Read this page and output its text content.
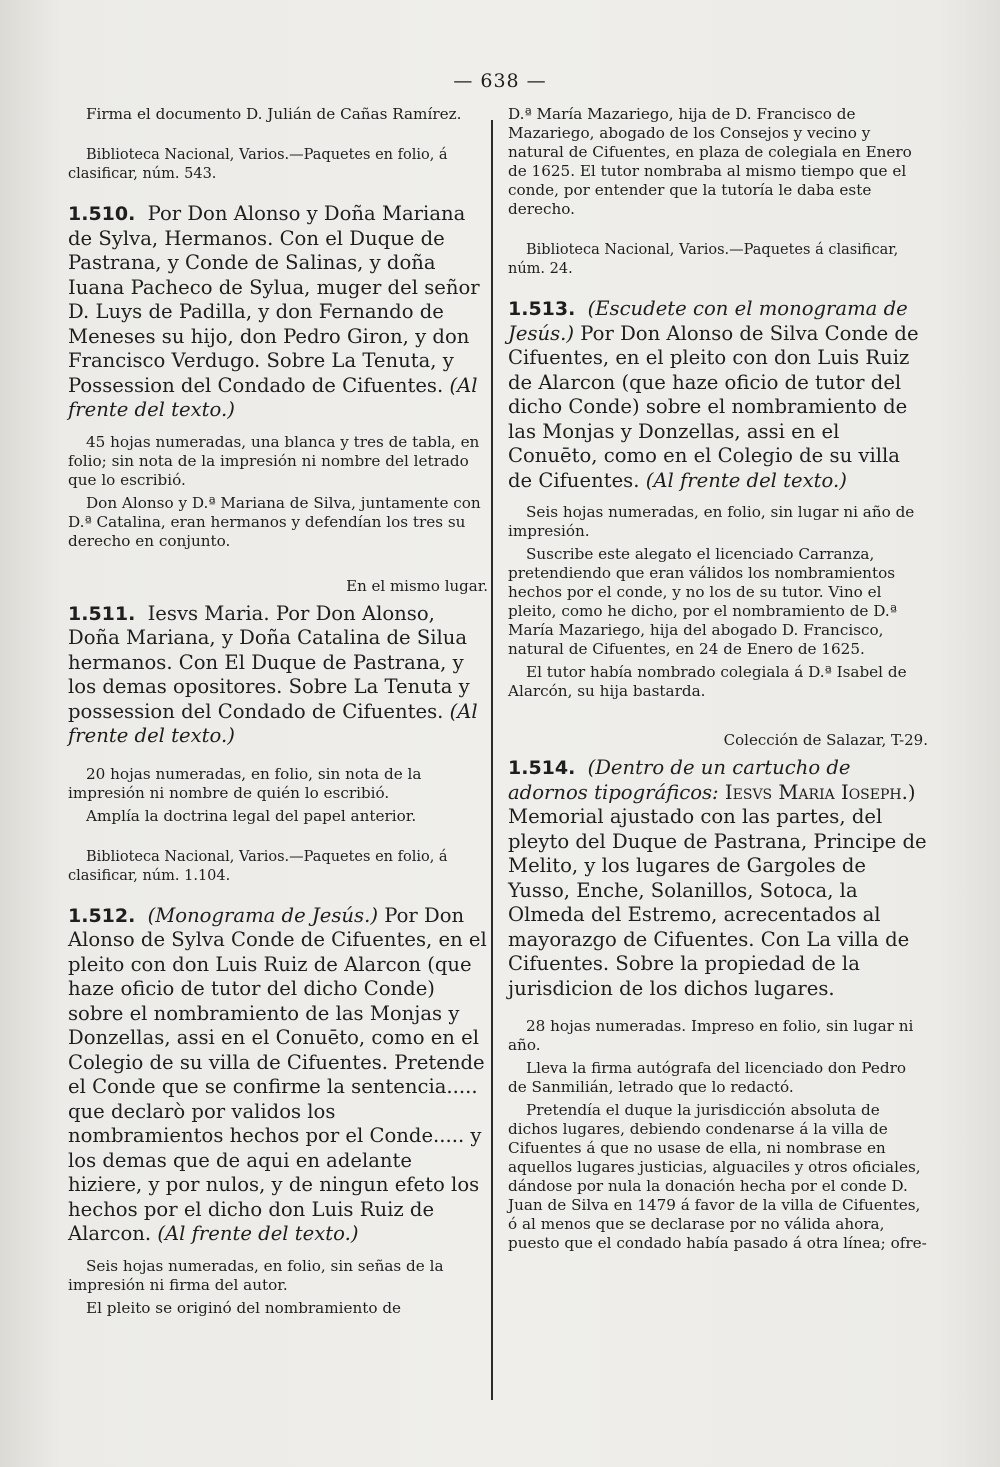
— 638 —

Firma el documento D. Julián de Cañas Ramírez.

Biblioteca Nacional, Varios.—Paquetes en folio, á clasificar, núm. 543.

1.510. Por Don Alonso y Doña Mariana de Sylva, Hermanos. Con el Duque de Pastrana, y Conde de Salinas, y doña Iuana Pacheco de Sylua, muger del señor D. Luys de Padilla, y don Fernando de Meneses su hijo, don Pedro Giron, y don Francisco Verdugo. Sobre La Tenuta, y Possession del Condado de Cifuentes. (Al frente del texto.)

45 hojas numeradas, una blanca y tres de tabla, en folio; sin nota de la impresión ni nombre del letrado que lo escribió.

Don Alonso y D.ª Mariana de Silva, juntamente con D.ª Catalina, eran hermanos y defendían los tres su derecho en conjunto.

En el mismo lugar.

1.511. Iesvs Maria. Por Don Alonso, Doña Mariana, y Doña Catalina de Silua hermanos. Con El Duque de Pastrana, y los demas opositores. Sobre La Tenuta y possession del Condado de Cifuentes. (Al frente del texto.)

20 hojas numeradas, en folio, sin nota de la impresión ni nombre de quién lo escribió.

Amplía la doctrina legal del papel anterior.

Biblioteca Nacional, Varios.—Paquetes en folio, á clasificar, núm. 1.104.

1.512. (Monograma de Jesús.) Por Don Alonso de Sylva Conde de Cifuentes, en el pleito con don Luis Ruiz de Alarcon (que haze oficio de tutor del dicho Conde) sobre el nombramiento de las Monjas y Donzellas, assi en el Conuēto, como en el Colegio de su villa de Cifuentes. Pretende el Conde que se confirme la sentencia..... que declarò por validos los nombramientos hechos por el Conde..... y los demas que de aqui en adelante hiziere, y por nulos, y de ningun efeto los hechos por el dicho don Luis Ruiz de Alarcon. (Al frente del texto.)

Seis hojas numeradas, en folio, sin señas de la impresión ni firma del autor.

El pleito se originó del nombramiento de

D.ª María Mazariego, hija de D. Francisco de Mazariego, abogado de los Consejos y vecino y natural de Cifuentes, en plaza de colegiala en Enero de 1625. El tutor nombraba al mismo tiempo que el conde, por entender que la tutoría le daba este derecho.

Biblioteca Nacional, Varios.—Paquetes á clasificar, núm. 24.

1.513. (Escudete con el monograma de Jesús.) Por Don Alonso de Silva Conde de Cifuentes, en el pleito con don Luis Ruiz de Alarcon (que haze oficio de tutor del dicho Conde) sobre el nombramiento de las Monjas y Donzellas, assi en el Conuēto, como en el Colegio de su villa de Cifuentes. (Al frente del texto.)

Seis hojas numeradas, en folio, sin lugar ni año de impresión.

Suscribe este alegato el licenciado Carranza, pretendiendo que eran válidos los nombramientos hechos por el conde, y no los de su tutor. Vino el pleito, como he dicho, por el nombramiento de D.ª María Mazariego, hija del abogado D. Francisco, natural de Cifuentes, en 24 de Enero de 1625.

El tutor había nombrado colegiala á D.ª Isabel de Alarcón, su hija bastarda.

Colección de Salazar, T-29.

1.514. (Dentro de un cartucho de adornos tipográficos: Iesvs Maria Ioseph.) Memorial ajustado con las partes, del pleyto del Duque de Pastrana, Principe de Melito, y los lugares de Gargoles de Yusso, Enche, Solanillos, Sotoca, la Olmeda del Estremo, acrecentados al mayorazgo de Cifuentes. Con La villa de Cifuentes. Sobre la propiedad de la jurisdicion de los dichos lugares.

28 hojas numeradas. Impreso en folio, sin lugar ni año.

Lleva la firma autógrafa del licenciado don Pedro de Sanmilián, letrado que lo redactó.

Pretendía el duque la jurisdicción absoluta de dichos lugares, debiendo condenarse á la villa de Cifuentes á que no usase de ella, ni nombrase en aquellos lugares justicias, alguaciles y otros oficiales, dándose por nula la donación hecha por el conde D. Juan de Silva en 1479 á favor de la villa de Cifuentes, ó al menos que se declarase por no válida ahora, puesto que el condado había pasado á otra línea; ofre-
